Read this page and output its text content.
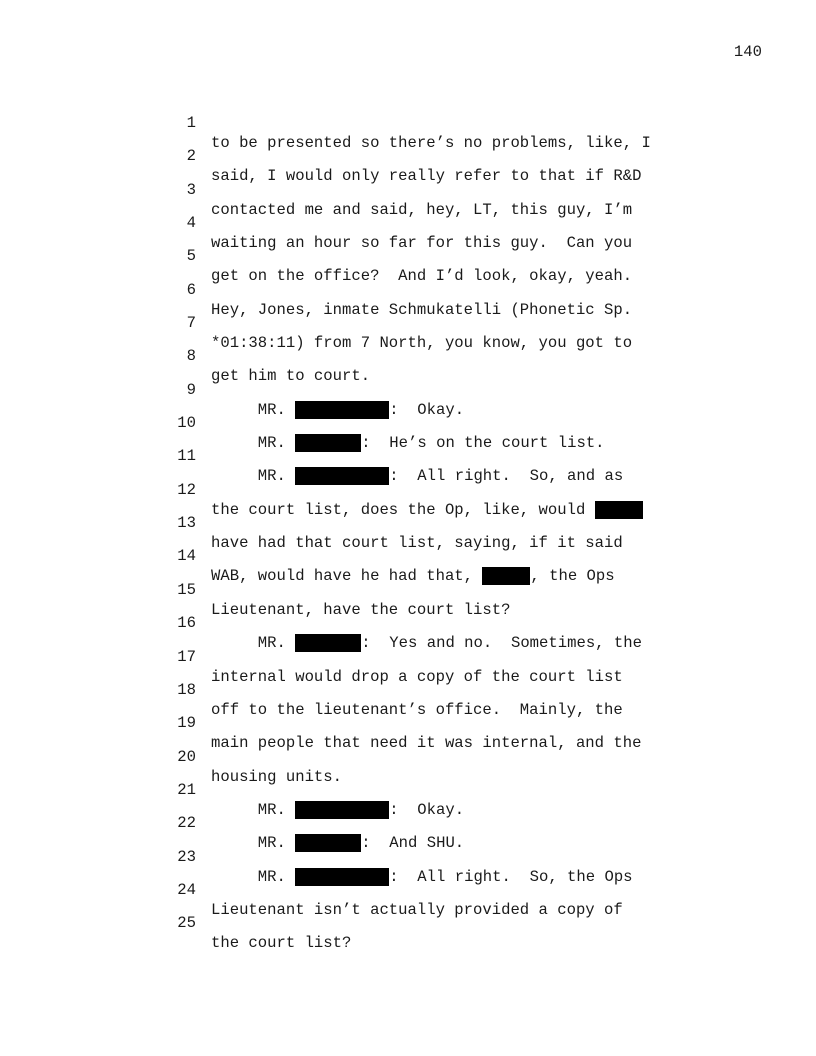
140

1

to be presented so there’s no problems, like, I

2

said, I would only really refer to that if R&D

3

contacted me and said, hey, LT, this guy, I’m

4

waiting an hour so far for this guy.  Can you

5

get on the office?  And I’d look, okay, yeah.

6

Hey, Jones, inmate Schmukatelli (Phonetic Sp.

7

*01:38:11) from 7 North, you know, you got to

8

get him to court.

9

MR.	:  Okay.

10

MR.	:  He’s on the court list.

11

MR.	:  All right.  So, and as

12

the court list, does the Op, like, would

13

have had that court list, saying, if it said

14

WAB, would have he had that,	, the Ops

15

Lieutenant, have the court list?

16

MR.	:  Yes and no.  Sometimes, the

17

internal would drop a copy of the court list

18

off to the lieutenant’s office.  Mainly, the

19

main people that need it was internal, and the

20

housing units.

21

MR.	:  Okay.

22

MR.	:  And SHU.

23

MR.	:  All right.  So, the Ops

24

Lieutenant isn’t actually provided a copy of

25

the court list?
